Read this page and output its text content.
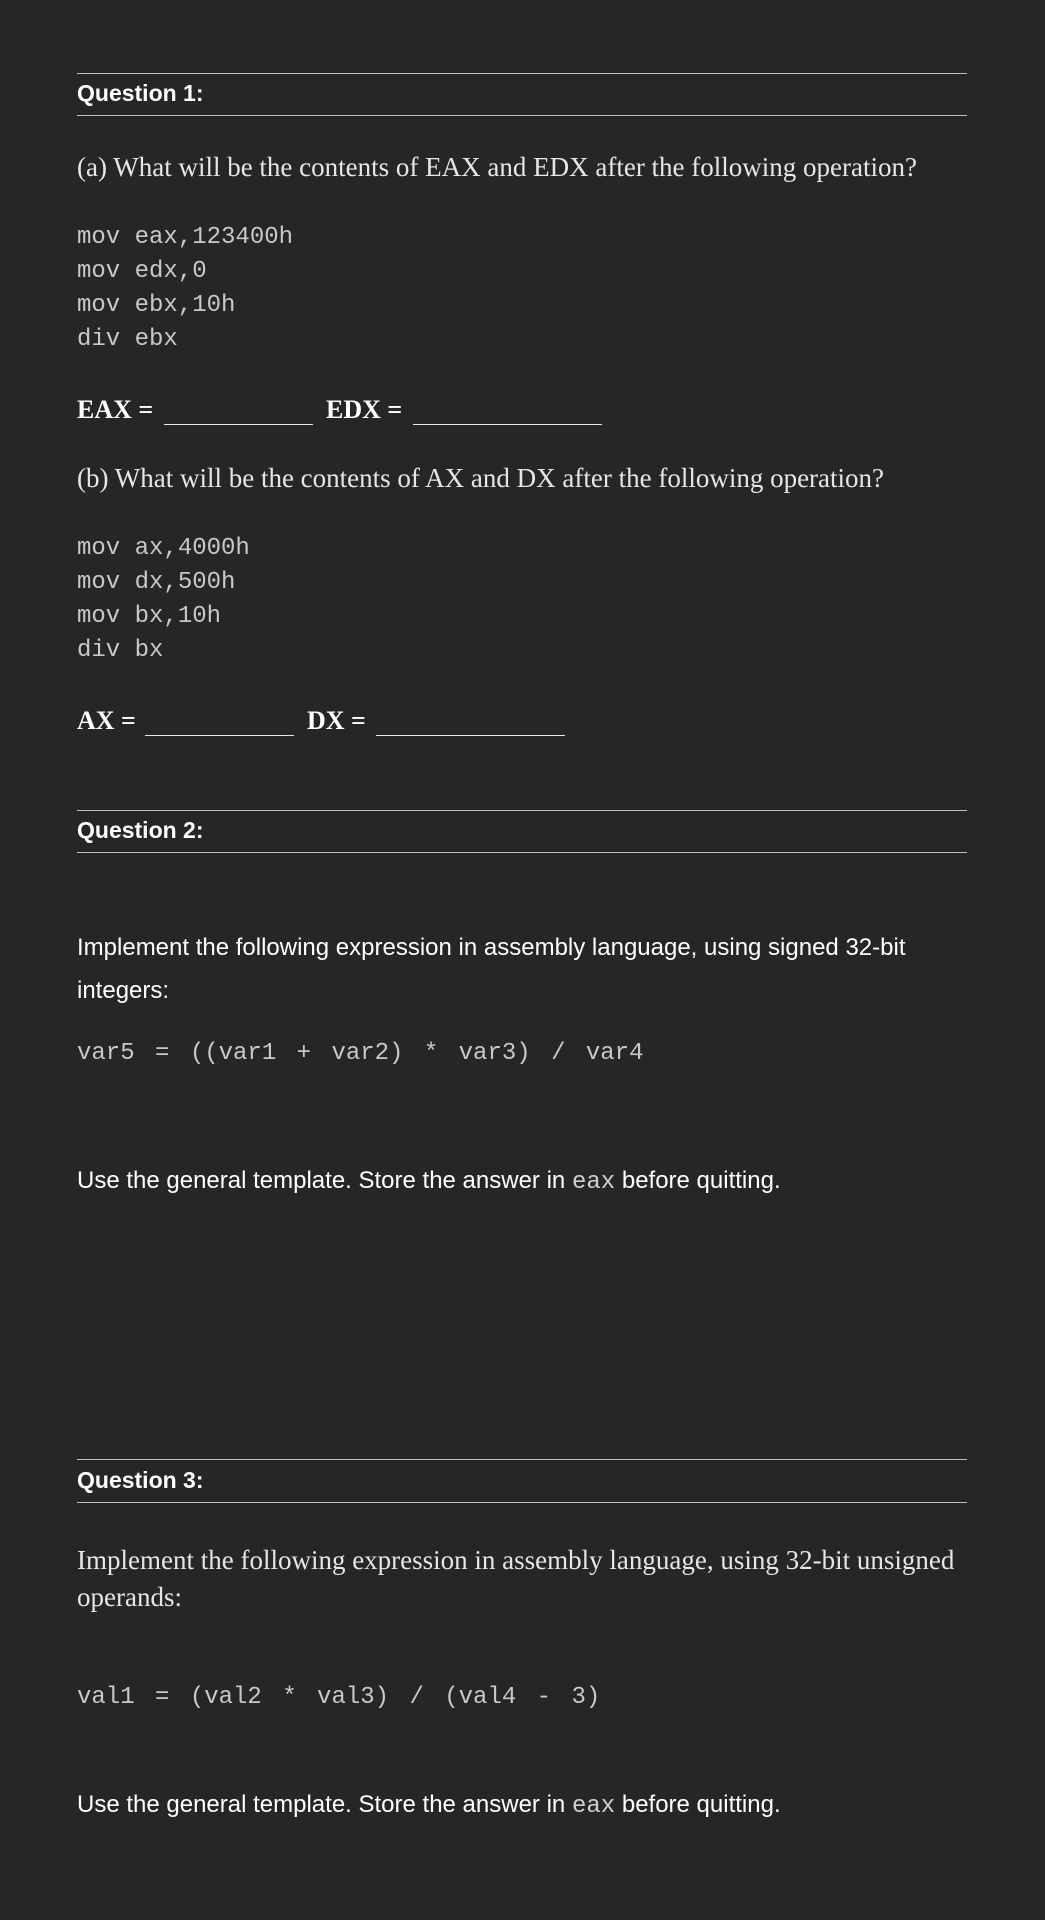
Question 1:
(a) What will be the contents of EAX and EDX after the following operation?
mov eax,123400h
mov edx,0
mov ebx,10h
div ebx
EAX =	EDX =
(b) What will be the contents of AX and DX after the following operation?
mov ax,4000h
mov dx,500h
mov bx,10h
div bx
AX =	DX =
Question 2:
Implement the following expression in assembly language, using signed 32-bit
integers:
var5 = ((var1 + var2) * var3) / var4
Use the general template. Store the answer in eax before quitting.
Question 3:
Implement the following expression in assembly language, using 32-bit unsigned
operands:
val1 = (val2 * val3) / (val4 - 3)
Use the general template. Store the answer in eax before quitting.
